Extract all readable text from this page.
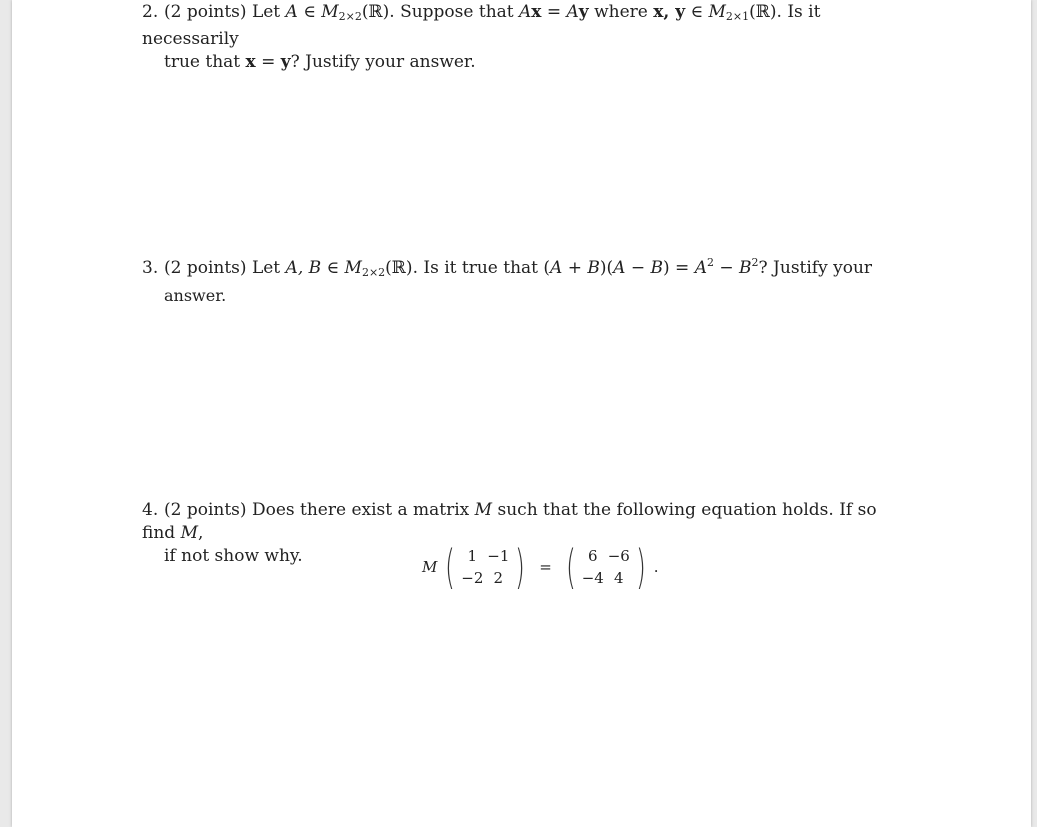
2. (2 points) Let A ∈ $M_{2\times 2}(ℝ)$. Suppose that Ax = Ay where x, y ∈ $M_{2\times 1}(ℝ)$. Is it necessarily
true that x = y? Justify your answer.
3. (2 points) Let A, B ∈ $M_{2\times 2}(ℝ)$. Is it true that $(A + B)(A - B) = A^2 - B^2$? Justify your
answer.
4. (2 points) Does there exist a matrix M such that the following equation holds. If so find M,
if not show why.
M ( 1 −1
−2 2 ) = ( 6 −6
−4 4 ) .
